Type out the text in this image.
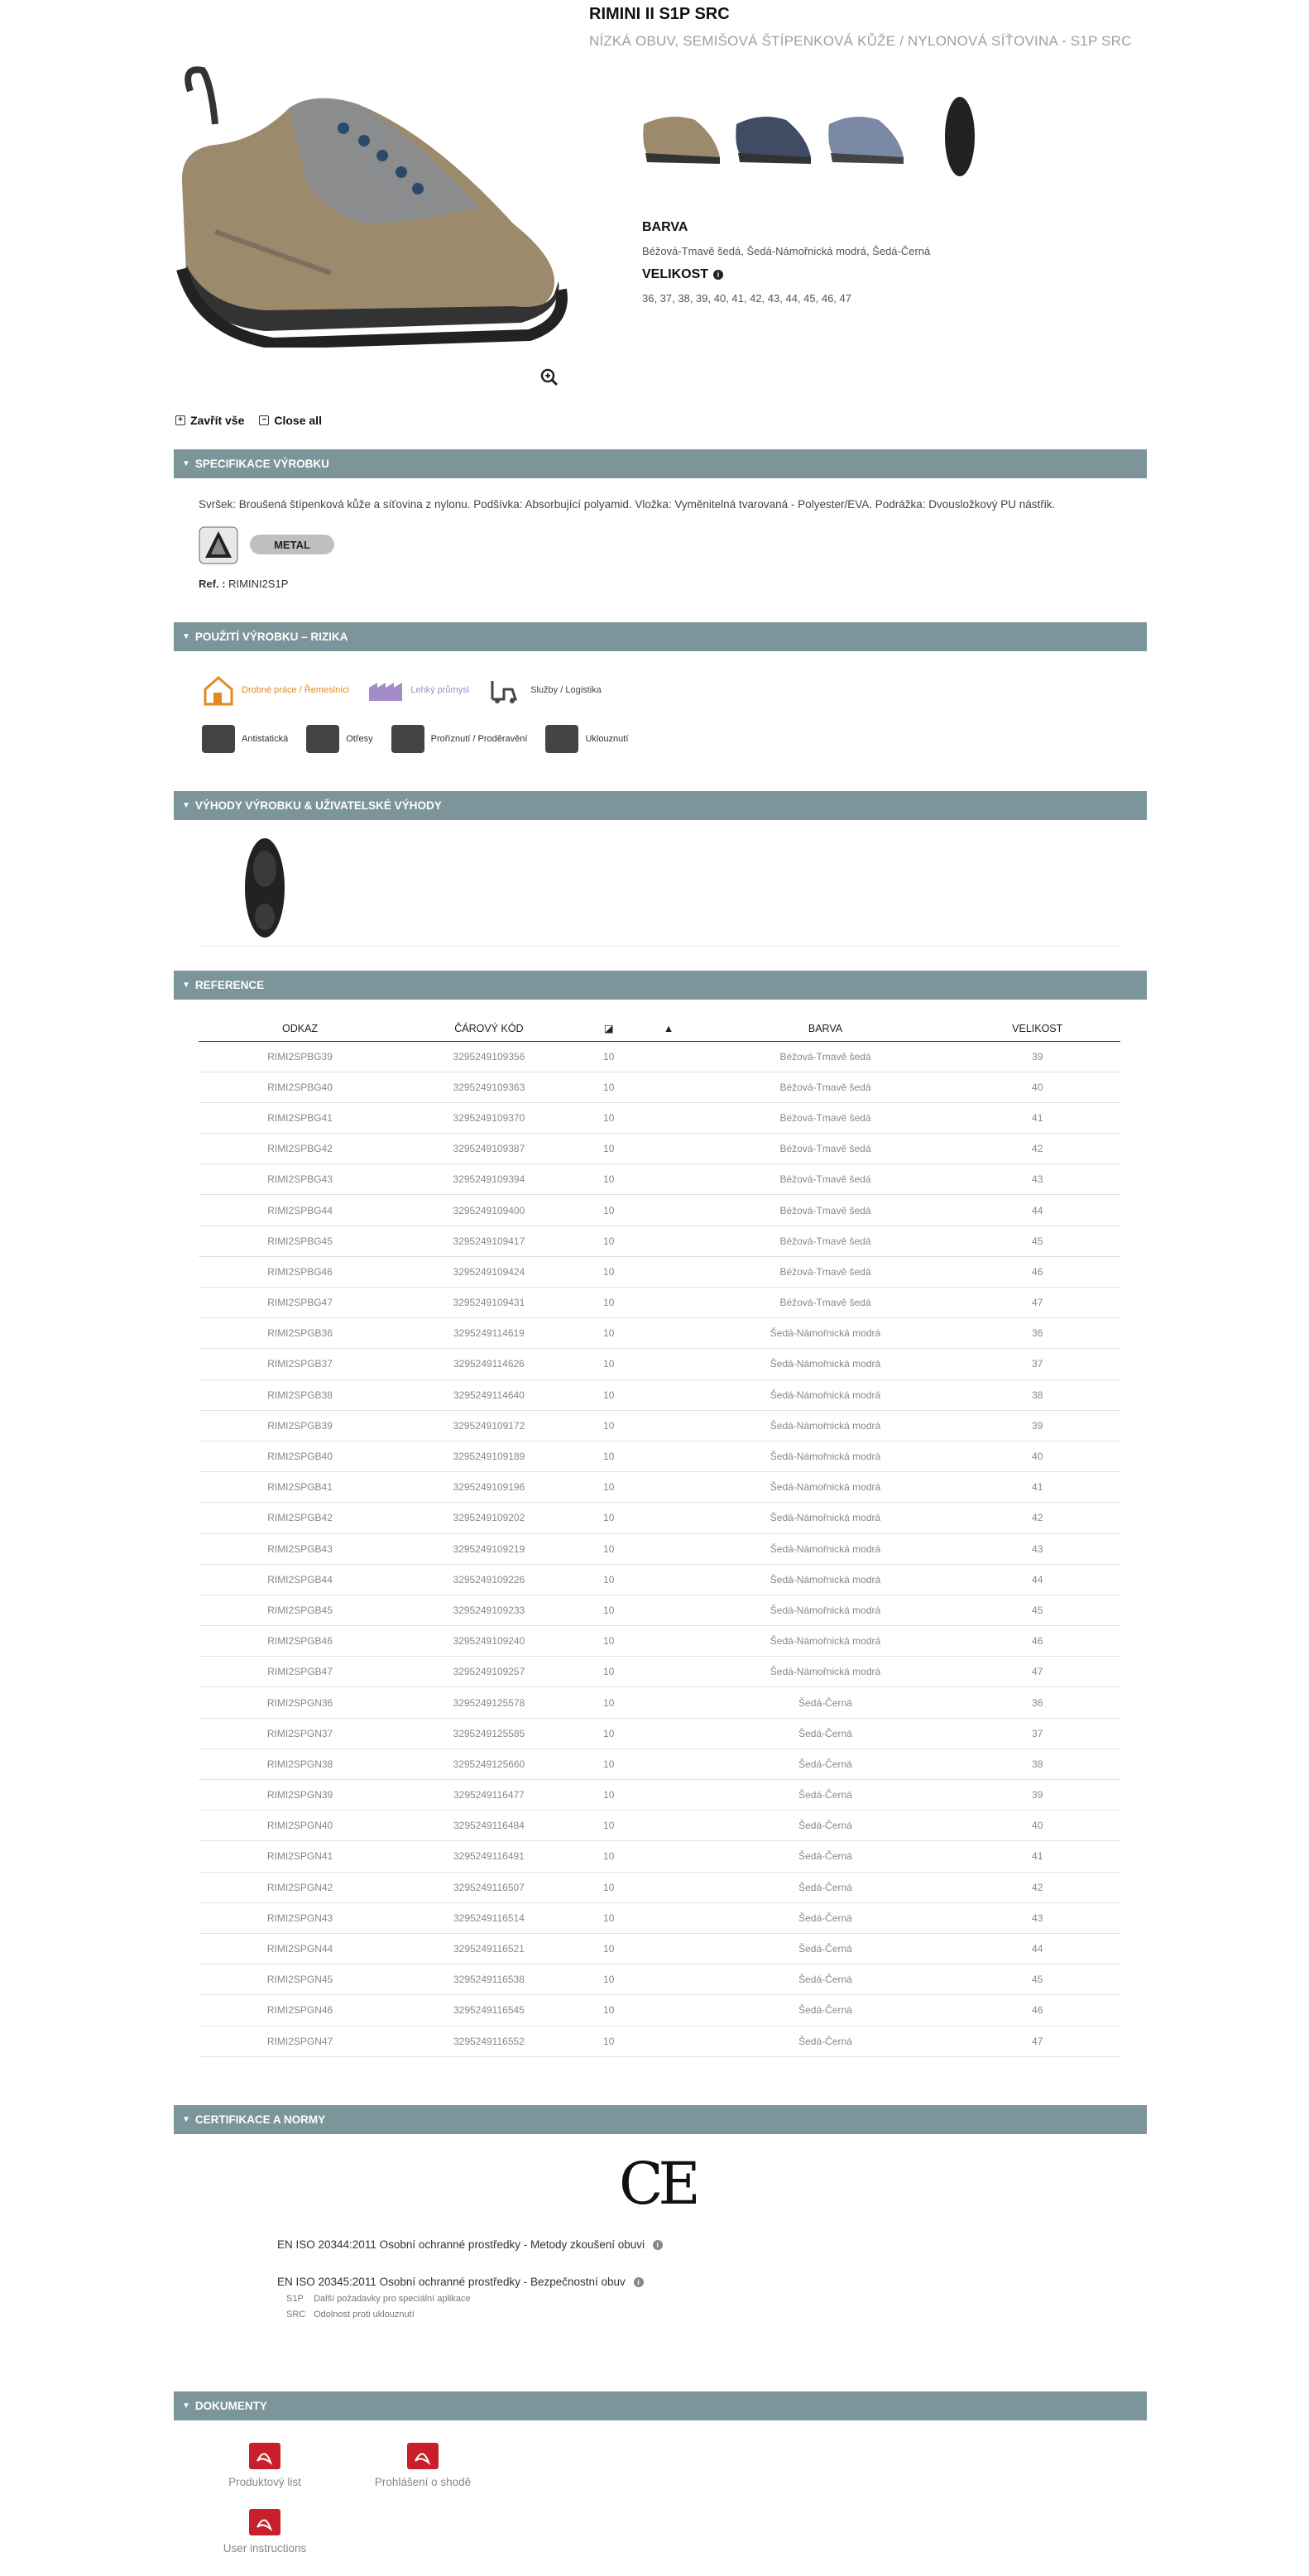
RIMINI II S1P SRC
NÍZKÁ OBUV, SEMIŠOVÁ ŠTÍPENKOVÁ KŮŽE / NYLONOVÁ SÍŤOVINA - S1P SRC
BARVA
Béžová-Tmavě šedá, Šedá-Námořnická modrá, Šedá-Černá
VELIKOST	i
36, 37, 38, 39, 40, 41, 42, 43, 44, 45, 46, 47
+ Zavřít vše	− Close all
▼ SPECIFIKACE VÝROBKU
Svršek: Broušená štípenková kůže a síťovina z nylonu. Podšívka: Absorbující polyamid. Vložka: Vyměnitelná tvarovaná - Polyester/EVA. Podrážka: Dvousložkový PU nástřik.
METAL
Ref. : RIMINI2S1P
▼ POUŽITÍ VÝROBKU – RIZIKA
Drobné práce / Řemeslníci	Lehký průmysl	Služby / Logistika
Antistatická	Otřesy	Proříznutí / Proděravění	Uklouznutí
▼ VÝHODY VÝROBKU & UŽIVATELSKÉ VÝHODY
▼ REFERENCE
ODKAZ	ČÁROVÝ KÓD	◪	▲	BARVA	VELIKOST
RIMI2SPBG39	3295249109356	10		Béžová-Tmavě šedá	39
RIMI2SPBG40	3295249109363	10		Béžová-Tmavě šedá	40
RIMI2SPBG41	3295249109370	10		Béžová-Tmavě šedá	41
RIMI2SPBG42	3295249109387	10		Béžová-Tmavě šedá	42
RIMI2SPBG43	3295249109394	10		Béžová-Tmavě šedá	43
RIMI2SPBG44	3295249109400	10		Béžová-Tmavě šedá	44
RIMI2SPBG45	3295249109417	10		Béžová-Tmavě šedá	45
RIMI2SPBG46	3295249109424	10		Béžová-Tmavě šedá	46
RIMI2SPBG47	3295249109431	10		Béžová-Tmavě šedá	47
RIMI2SPGB36	3295249114619	10		Šedá-Námořnická modrá	36
RIMI2SPGB37	3295249114626	10		Šedá-Námořnická modrá	37
RIMI2SPGB38	3295249114640	10		Šedá-Námořnická modrá	38
RIMI2SPGB39	3295249109172	10		Šedá-Námořnická modrá	39
RIMI2SPGB40	3295249109189	10		Šedá-Námořnická modrá	40
RIMI2SPGB41	3295249109196	10		Šedá-Námořnická modrá	41
RIMI2SPGB42	3295249109202	10		Šedá-Námořnická modrá	42
RIMI2SPGB43	3295249109219	10		Šedá-Námořnická modrá	43
RIMI2SPGB44	3295249109226	10		Šedá-Námořnická modrá	44
RIMI2SPGB45	3295249109233	10		Šedá-Námořnická modrá	45
RIMI2SPGB46	3295249109240	10		Šedá-Námořnická modrá	46
RIMI2SPGB47	3295249109257	10		Šedá-Námořnická modrá	47
RIMI2SPGN36	3295249125578	10		Šedá-Černá	36
RIMI2SPGN37	3295249125585	10		Šedá-Černá	37
RIMI2SPGN38	3295249125660	10		Šedá-Černá	38
RIMI2SPGN39	3295249116477	10		Šedá-Černá	39
RIMI2SPGN40	3295249116484	10		Šedá-Černá	40
RIMI2SPGN41	3295249116491	10		Šedá-Černá	41
RIMI2SPGN42	3295249116507	10		Šedá-Černá	42
RIMI2SPGN43	3295249116514	10		Šedá-Černá	43
RIMI2SPGN44	3295249116521	10		Šedá-Černá	44
RIMI2SPGN45	3295249116538	10		Šedá-Černá	45
RIMI2SPGN46	3295249116545	10		Šedá-Černá	46
RIMI2SPGN47	3295249116552	10		Šedá-Černá	47
▼ CERTIFIKACE A NORMY
CE
EN ISO 20344:2011 Osobní ochranné prostředky - Metody zkoušení obuvi i
EN ISO 20345:2011 Osobní ochranné prostředky - Bezpečnostní obuv i
S1P Další požadavky pro speciální aplikace
SRC Odolnost proti uklouznutí
▼ DOKUMENTY
Produktový list	Prohlášení o shodě
User instructions
